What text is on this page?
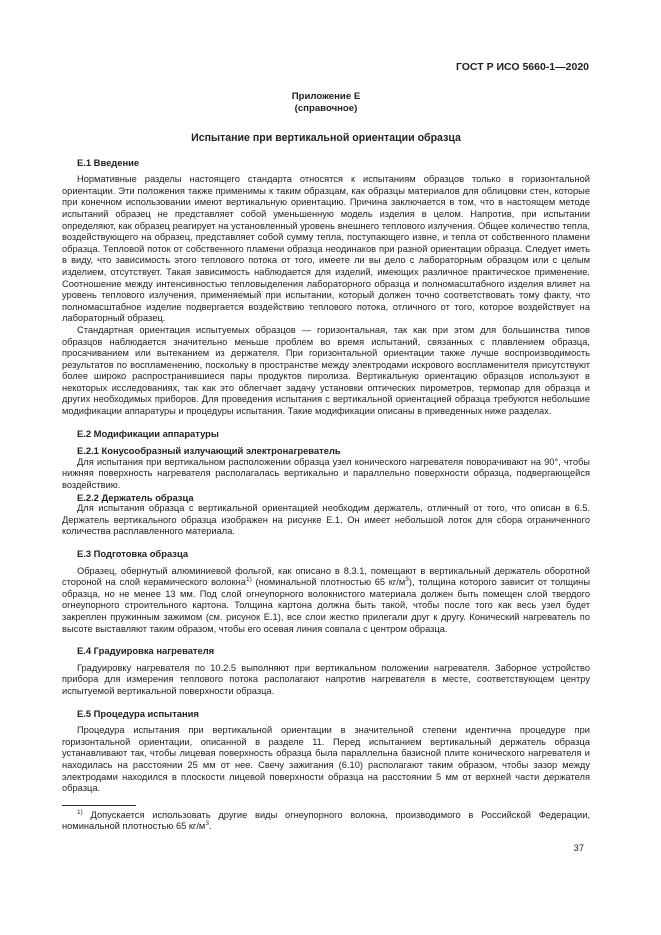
ГОСТ Р ИСО 5660-1—2020
Приложение Е
(справочное)
Испытание при вертикальной ориентации образца
Е.1 Введение

Нормативные разделы настоящего стандарта относятся к испытаниям образцов только в горизонтальной ориентации. Эти положения также применимы к таким образцам, как образцы материалов для облицовки стен, которые при конечном использовании имеют вертикальную ориентацию. Причина заключается в том, что в настоящем методе испытаний образец не представляет собой уменьшенную модель изделия в целом. Напротив, при испытании определяют, как образец реагирует на установленный уровень внешнего теплового излучения. Общее количество тепла, воздействующего на образец, представляет собой сумму тепла, поступающего извне, и тепла от собственного пламени образца. Тепловой поток от собственного пламени образца неодинаков при разной ориентации образца. Следует иметь в виду, что зависимость этого теплового потока от того, имеете ли вы дело с лабораторным образцом или с целым изделием, отсутствует. Такая зависимость наблюдается для изделий, имеющих различное практическое применение. Соотношение между интенсивностью тепловыделения лабораторного образца и полномасштабного изделия влияет на уровень теплового излучения, применяемый при испытании, который должен точно соответствовать тому факту, что полномасштабное изделие подвергается воздействию теплового потока, отличного от того, которое воздействует на лабораторный образец.

Стандартная ориентация испытуемых образцов — горизонтальная, так как при этом для большинства типов образцов наблюдается значительно меньше проблем во время испытаний, связанных с плавлением образца, просачиванием или вытеканием из держателя. При горизонтальной ориентации также лучше воспроизводимость результатов по воспламенению, поскольку в пространстве между электродами искрового воспламенителя присутствуют более широко распространившиеся пары продуктов пиролиза. Вертикальную ориентацию образцов используют в некоторых исследованиях, так как это облегчает задачу установки оптических пирометров, термопар для образца и других необходимых приборов. Для проведения испытания с вертикальной ориентацией образца требуются небольшие модификации аппаратуры и процедуры испытания. Такие модификации описаны в приведенных ниже разделах.

Е.2 Модификации аппаратуры
Е.2.1 Конусообразный излучающий электронагреватель

Для испытания при вертикальном расположении образца узел конического нагревателя поворачивают на 90°, чтобы нижняя поверхность нагревателя располагалась вертикально и параллельно поверхности образца, подвергающейся воздействию.

Е.2.2 Держатель образца

Для испытания образца с вертикальной ориентацией необходим держатель, отличный от того, что описан в 6.5. Держатель вертикального образца изображен на рисунке Е.1. Он имеет небольшой лоток для сбора ограниченного количества расплавленного материала.

Е.3 Подготовка образца

Образец, обернутый алюминиевой фольгой, как описано в 8.3.1, помещают в вертикальный держатель оборотной стороной на слой керамического волокна$^{1)}$ (номинальной плотностью 65 $кг/м^3$), толщина которого зависит от толщины образца, но не менее 13 мм. Под слой огнеупорного волокнистого материала должен быть помещен слой твердого огнеупорного строительного картона. Толщина картона должна быть такой, чтобы после того как весь узел будет закреплен пружинным зажимом (см. рисунок Е.1), все слои жестко прилегали друг к другу. Конический нагреватель по высоте выставляют таким образом, чтобы его осевая линия совпала с центром образца.

Е.4 Градуировка нагревателя

Градуировку нагревателя по 10.2.5 выполняют при вертикальном положении нагревателя. Заборное устройство прибора для измерения теплового потока располагают напротив нагревателя в месте, соответствующем центру испытуемой вертикальной поверхности образца.

Е.5 Процедура испытания

Процедура испытания при вертикальной ориентации в значительной степени идентична процедуре при горизонтальной ориентации, описанной в разделе 11. Перед испытанием вертикальный держатель образца устанавливают так, чтобы лицевая поверхность образца была параллельна базисной плите конического нагревателя и находилась на расстоянии 25 мм от нее. Свечу зажигания (6.10) располагают таким образом, чтобы зазор между электродами находился в плоскости лицевой поверхности образца на расстоянии 5 мм от верхней части держателя образца.

$^{1)}$ Допускается использовать другие виды огнеупорного волокна, производимого в Российской Федерации, номинальной плотностью 65 $кг/м^3$.

37
